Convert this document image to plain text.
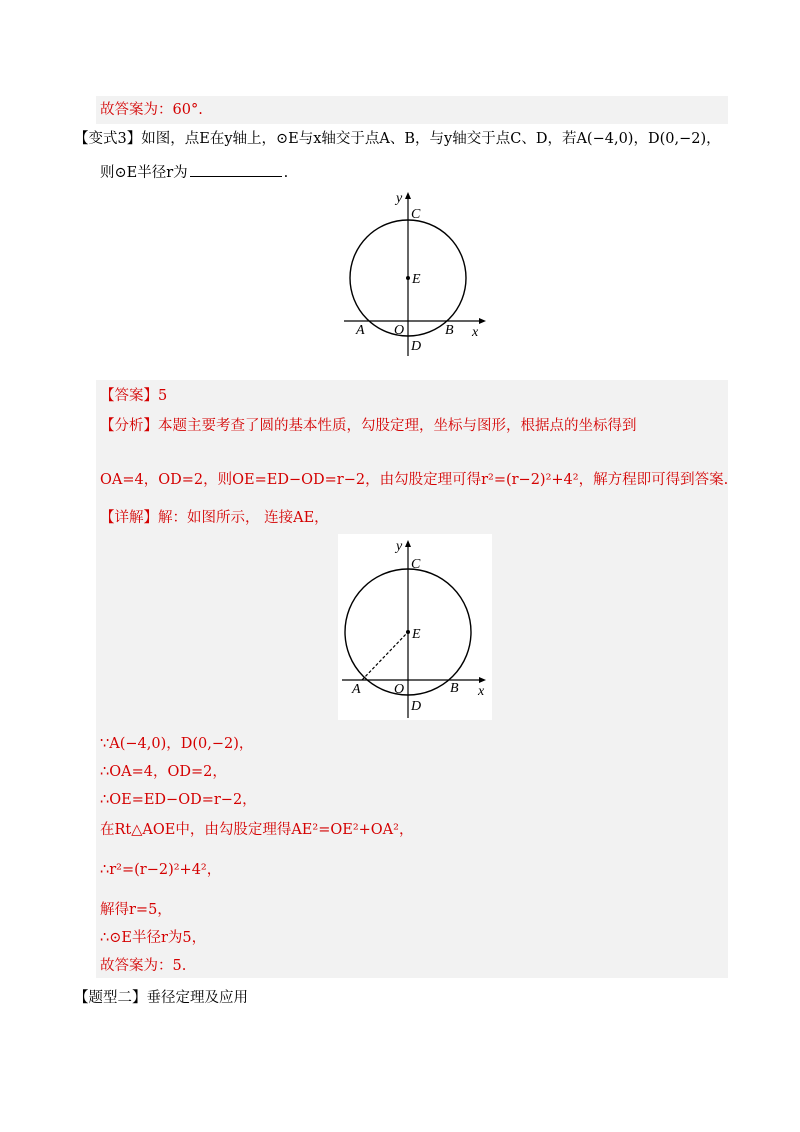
故答案为：60°.
【变式3】如图，点E在y轴上，⊙E与x轴交于点A、B，与y轴交于点C、D，若A(−4,0)，D(0,−2)，
则⊙E半径r为	.
y
C
E
A O	B x
D
【答案】5
【分析】本题主要考查了圆的基本性质，勾股定理，坐标与图形，根据点的坐标得到
OA=4，OD=2，则OE=ED−OD=r−2，由勾股定理可得r²=(r−2)²+4²，解方程即可得到答案.
【详解】解：如图所示， 连接AE，
y
C
E
A O	B x
D
∵A(−4,0)，D(0,−2)，
∴OA=4，OD=2，
∴OE=ED−OD=r−2，
在Rt△AOE中，由勾股定理得AE²=OE²+OA²，
∴r²=(r−2)²+4²，
解得r=5，
∴⊙E半径r为5，
故答案为：5.
【题型二】垂径定理及应用
